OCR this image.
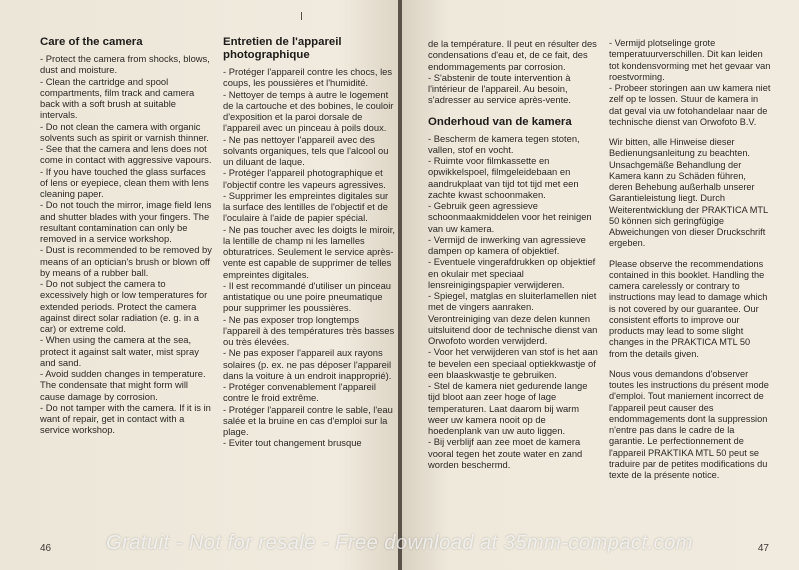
Care of the camera

- Protect the camera from shocks, blows, dust and moisture.

- Clean the cartridge and spool compartments, film track and camera back with a soft brush at suitable intervals.

- Do not clean the camera with organic solvents such as spirit or varnish thinner.

- See that the camera and lens does not come in contact with aggressive vapours.

- If you have touched the glass surfaces of lens or eyepiece, clean them with lens cleaning paper.

- Do not touch the mirror, image field lens and shutter blades with your fingers. The resultant contamination can only be removed in a service workshop.

- Dust is recommended to be removed by means of an optician's brush or blown off by means of a rubber ball.

- Do not subject the camera to excessively high or low temperatures for extended periods. Protect the camera against direct solar radiation (e. g. in a car) or extreme cold.

- When using the camera at the sea, protect it against salt water, mist spray and sand.

- Avoid sudden changes in temperature. The condensate that might form will cause damage by corrosion.

- Do not tamper with the camera. If it is in want of repair, get in contact with a service workshop.

Entretien de l'appareil photographique

- Protéger l'appareil contre les chocs, les coups, les poussières et l'humidité.

- Nettoyer de temps à autre le logement de la cartouche et des bobines, le couloir d'exposition et la paroi dorsale de l'appareil avec un pinceau à poils doux.

- Ne pas nettoyer l'appareil avec des solvants organiques, tels que l'alcool ou un diluant de laque.

- Protéger l'appareil photographique et l'objectif contre les vapeurs agressives.

- Supprimer les empreintes digitales sur la surface des lentilles de l'objectif et de l'oculaire à l'aide de papier spécial.

- Ne pas toucher avec les doigts le miroir, la lentille de champ ni les lamelles obturatrices. Seulement le service après-vente est capable de supprimer de telles empreintes digitales.

- Il est recommandé d'utiliser un pinceau antistatique ou une poire pneumatique pour supprimer les poussières.

- Ne pas exposer trop longtemps l'appareil à des températures très basses ou très élevées.

- Ne pas exposer l'appareil aux rayons solaires (p. ex. ne pas déposer l'appareil dans la voiture à un endroit inapproprié).

- Protéger convenablement l'appareil contre le froid extrême.

- Protéger l'appareil contre le sable, l'eau salée et la bruine en cas d'emploi sur la plage.

- Eviter tout changement brusque

46

de la température. Il peut en résulter des condensations d'eau et, de ce fait, des endommagements par corrosion.

- S'abstenir de toute intervention à l'intérieur de l'appareil. Au besoin, s'adresser au service après-vente.

Onderhoud van de kamera

- Bescherm de kamera tegen stoten, vallen, stof en vocht.

- Ruimte voor filmkassette en opwikkelspoel, filmgeleidebaan en aandrukplaat van tijd tot tijd met een zachte kwast schoonmaken.

- Gebruik geen agressieve schoonmaakmiddelen voor het reinigen van uw kamera.

- Vermijd de inwerking van agressieve dampen op kamera of objektief.

- Eventuele vingerafdrukken op objektief en okulair met speciaal lensreinigingspapier verwijderen.

- Spiegel, matglas en sluiterlamellen niet met de vingers aanraken. Verontreiniging van deze delen kunnen uitsluitend door de technische dienst van Orwofoto worden verwijderd.

- Voor het verwijderen van stof is het aan te bevelen een speciaal optiekkwastje of een blaaskwastje te gebruiken.

- Stel de kamera niet gedurende lange tijd bloot aan zeer hoge of lage temperaturen. Laat daarom bij warm weer uw kamera nooit op de hoedenplank van uw auto liggen.

- Bij verblijf aan zee moet de kamera vooral tegen het zoute water en zand worden beschermd.

- Vermijd plotselinge grote temperatuurverschillen. Dit kan leiden tot kondensvorming met het gevaar van roestvorming.

- Probeer storingen aan uw kamera niet zelf op te lossen. Stuur de kamera in dat geval via uw fotohandelaar naar de technische dienst van Orwofoto B.V.

Wir bitten, alle Hinweise dieser Bedienungsanleitung zu beachten. Unsachgemäße Behandlung der Kamera kann zu Schäden führen, deren Behebung außerhalb unserer Garantieleistung liegt. Durch Weiterentwicklung der PRAKTICA MTL 50 können sich geringfügige Abweichungen von dieser Druckschrift ergeben.

Please observe the recommendations contained in this booklet. Handling the camera carelessly or contrary to instructions may lead to damage which is not covered by our guarantee. Our consistent efforts to improve our products may lead to some slight changes in the PRAKTICA MTL 50 from the details given.

Nous vous demandons d'observer toutes les instructions du présent mode d'emploi. Tout maniement incorrect de l'appareil peut causer des endommagements dont la suppression n'entre pas dans le cadre de la garantie. Le perfectionnement de l'appareil PRAKTIKA MTL 50 peut se traduire par de petites modifications du texte de la présente notice.

47
Gratuit - Not for resale - Free download at 35mm-compact.com
